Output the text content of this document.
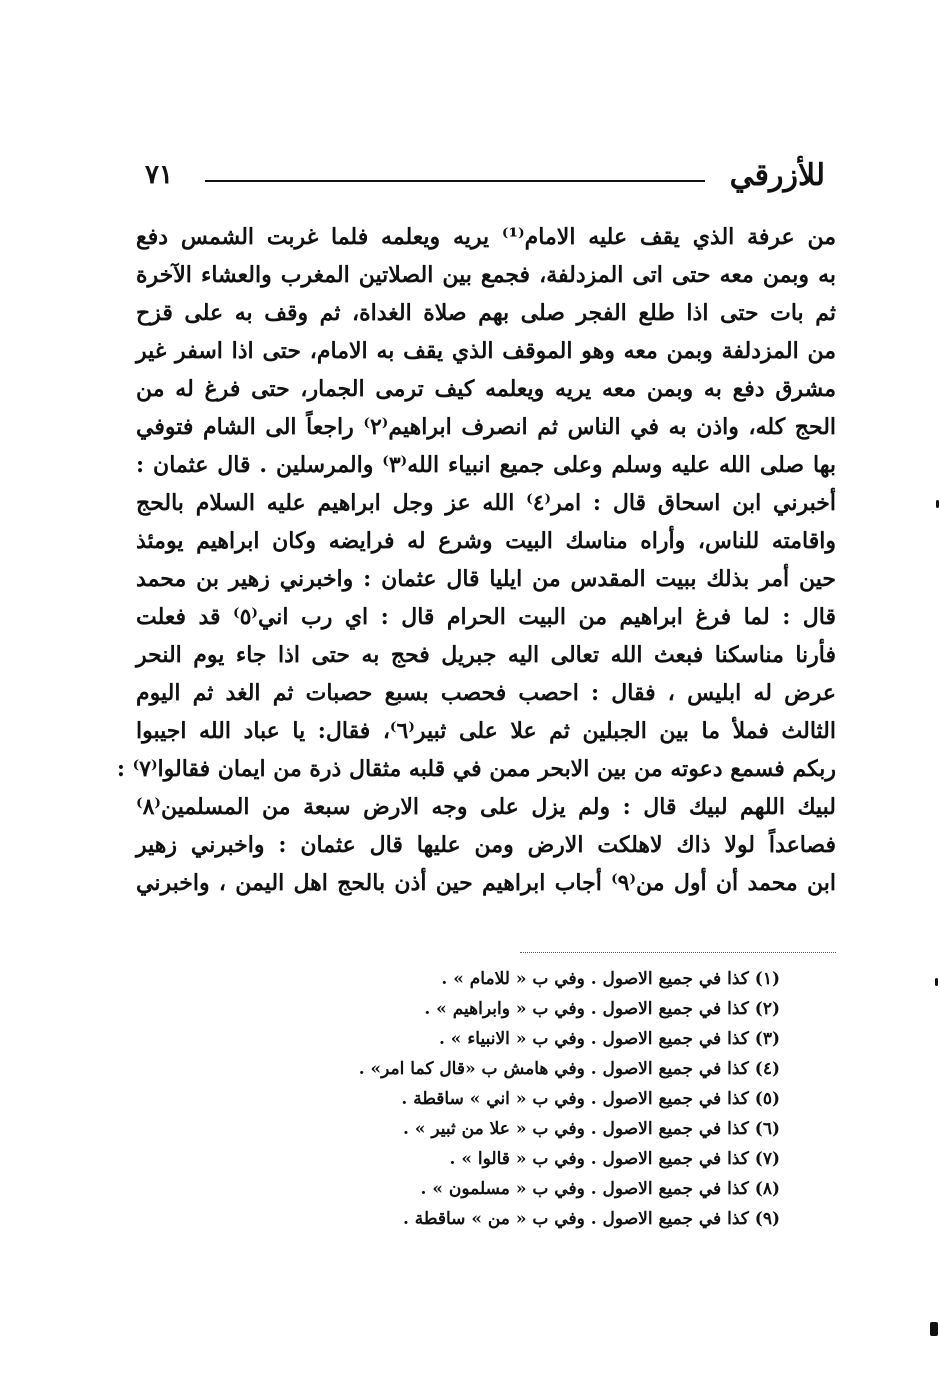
للأزرقي
٧١
من عرفة الذي يقف عليه الامام⁽¹⁾ يريه ويعلمه فلما غربت الشمس دفع
به وبمن معه حتى اتى المزدلفة، فجمع بين الصلاتين المغرب والعشاء الآخرة
ثم بات حتى اذا طلع الفجر صلى بهم صلاة الغداة، ثم وقف به على قزح
من المزدلفة وبمن معه وهو الموقف الذي يقف به الامام، حتى اذا اسفر غير
مشرق دفع به وبمن معه يريه ويعلمه كيف ترمى الجمار، حتى فرغ له من
الحج كله، واذن به في الناس ثم انصرف ابراهيم⁽٢⁾ راجعاً الى الشام فتوفي
بها صلى الله عليه وسلم وعلى جميع انبياء الله⁽٣⁾ والمرسلين . قال عثمان :
أخبرني ابن اسحاق قال : امر⁽٤⁾ الله عز وجل ابراهيم عليه السلام بالحج
واقامته للناس، وأراه مناسك البيت وشرع له فرايضه وكان ابراهيم يومئذ
حين أمر بذلك ببيت المقدس من ايليا قال عثمان : واخبرني زهير بن محمد
قال : لما فرغ ابراهيم من البيت الحرام قال : اي رب اني⁽٥⁾ قد فعلت
فأرنا مناسكنا فبعث الله تعالى اليه جبريل فحج به حتى اذا جاء يوم النحر
عرض له ابليس ، فقال : احصب فحصب بسبع حصبات ثم الغد ثم اليوم
الثالث فملأ ما بين الجبلين ثم علا على ثبير⁽٦⁾، فقال: يا عباد الله اجيبوا
ربكم فسمع دعوته من بين الابحر ممن في قلبه مثقال ذرة من ايمان فقالوا⁽٧⁾ :
لبيك اللهم لبيك قال : ولم يزل على وجه الارض سبعة من المسلمين⁽٨⁾
فصاعداً لولا ذاك لاهلكت الارض ومن عليها قال عثمان : واخبرني زهير
ابن محمد أن أول من⁽٩⁾ أجاب ابراهيم حين أذن بالحج اهل اليمن ، واخبرني
(١) كذا في جميع الاصول . وفي ب « للامام » .
(٢) كذا في جميع الاصول . وفي ب « وابراهيم » .
(٣) كذا في جميع الاصول . وفي ب « الانبياء » .
(٤) كذا في جميع الاصول . وفي هامش ب «قال كما امر» .
(٥) كذا في جميع الاصول . وفي ب « اني » ساقطة .
(٦) كذا في جميع الاصول . وفي ب « علا من ثبير » .
(٧) كذا في جميع الاصول . وفي ب « قالوا » .
(٨) كذا في جميع الاصول . وفي ب « مسلمون » .
(٩) كذا في جميع الاصول . وفي ب « من » ساقطة .
